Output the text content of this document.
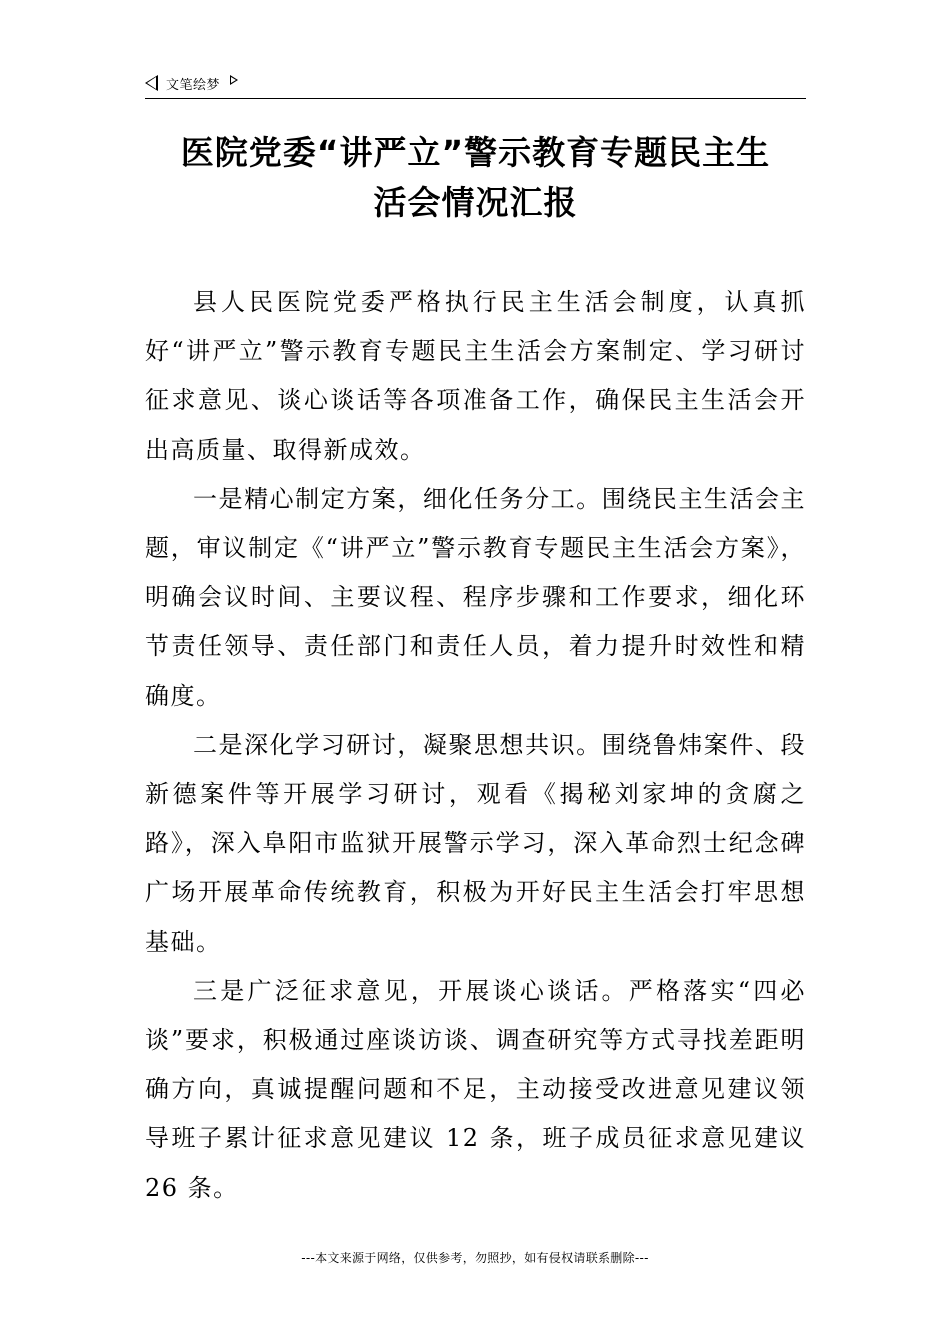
文笔绘梦
医院党委“讲严立”警示教育专题民主生
活会情况汇报

县人民医院党委严格执行民主生活会制度，认真抓好“讲严立”警示教育专题民主生活会方案制定、学习研讨征求意见、谈心谈话等各项准备工作，确保民主生活会开出高质量、取得新成效。

一是精心制定方案，细化任务分工。围绕民主生活会主题，审议制定《“讲严立”警示教育专题民主生活会方案》，明确会议时间、主要议程、程序步骤和工作要求，细化环节责任领导、责任部门和责任人员，着力提升时效性和精确度。

二是深化学习研讨，凝聚思想共识。围绕鲁炜案件、段新德案件等开展学习研讨，观看《揭秘刘家坤的贪腐之路》，深入阜阳市监狱开展警示学习，深入革命烈士纪念碑广场开展革命传统教育，积极为开好民主生活会打牢思想基础。

三是广泛征求意见，开展谈心谈话。严格落实“四必谈”要求，积极通过座谈访谈、调查研究等方式寻找差距明确方向，真诚提醒问题和不足，主动接受改进意见建议领导班子累计征求意见建议 12 条，班子成员征求意见建议 26 条。

---本文来源于网络，仅供参考，勿照抄，如有侵权请联系删除---
